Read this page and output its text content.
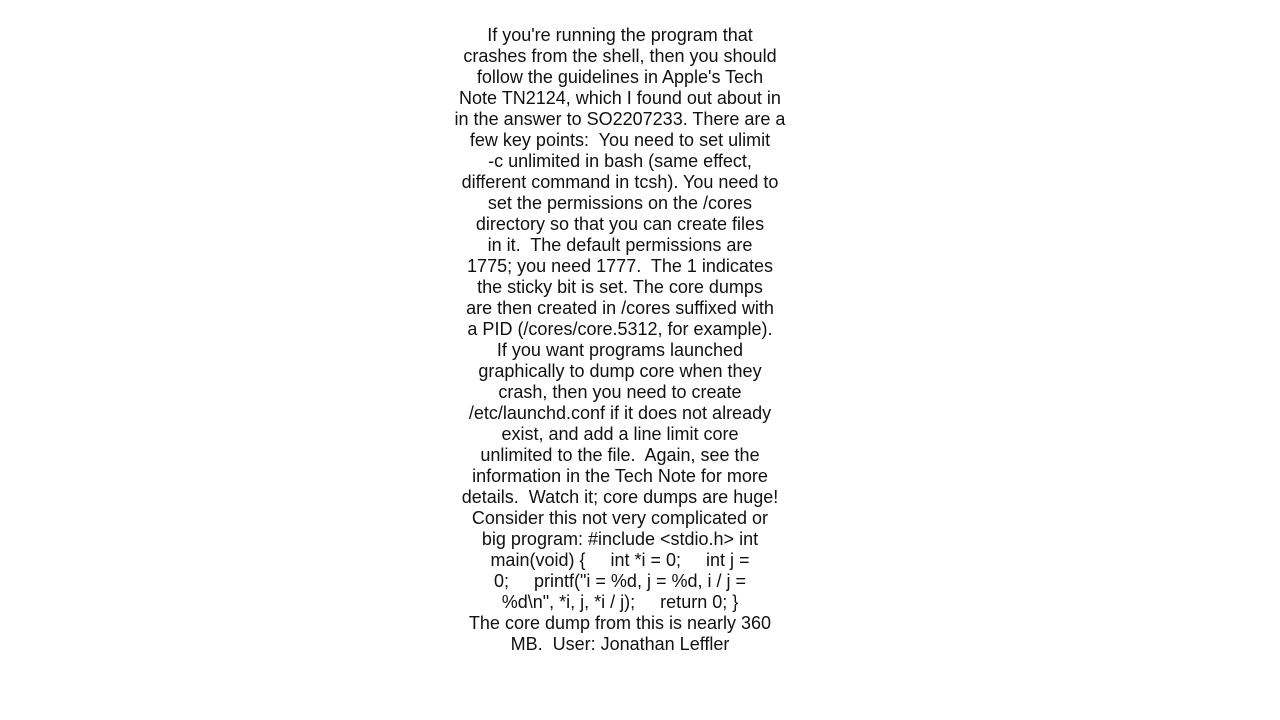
If you're running the program that
crashes from the shell, then you should
follow the guidelines in Apple's Tech
Note TN2124, which I found out about in
in the answer to SO2207233. There are a
few key points:  You need to set ulimit
-c unlimited in bash (same effect,
different command in tcsh). You need to
set the permissions on the /cores
directory so that you can create files
in it.  The default permissions are
1775; you need 1777.  The 1 indicates
the sticky bit is set. The core dumps
are then created in /cores suffixed with
a PID (/cores/core.5312, for example).
If you want programs launched
graphically to dump core when they
crash, then you need to create
/etc/launchd.conf if it does not already
exist, and add a line limit core
unlimited to the file.  Again, see the
information in the Tech Note for more
details.  Watch it; core dumps are huge!
Consider this not very complicated or
big program: #include <stdio.h> int
main(void) {     int *i = 0;     int j =
0;     printf("i = %d, j = %d, i / j =
%d\n", *i, j, *i / j);     return 0; }
The core dump from this is nearly 360
MB.  User: Jonathan Leffler
